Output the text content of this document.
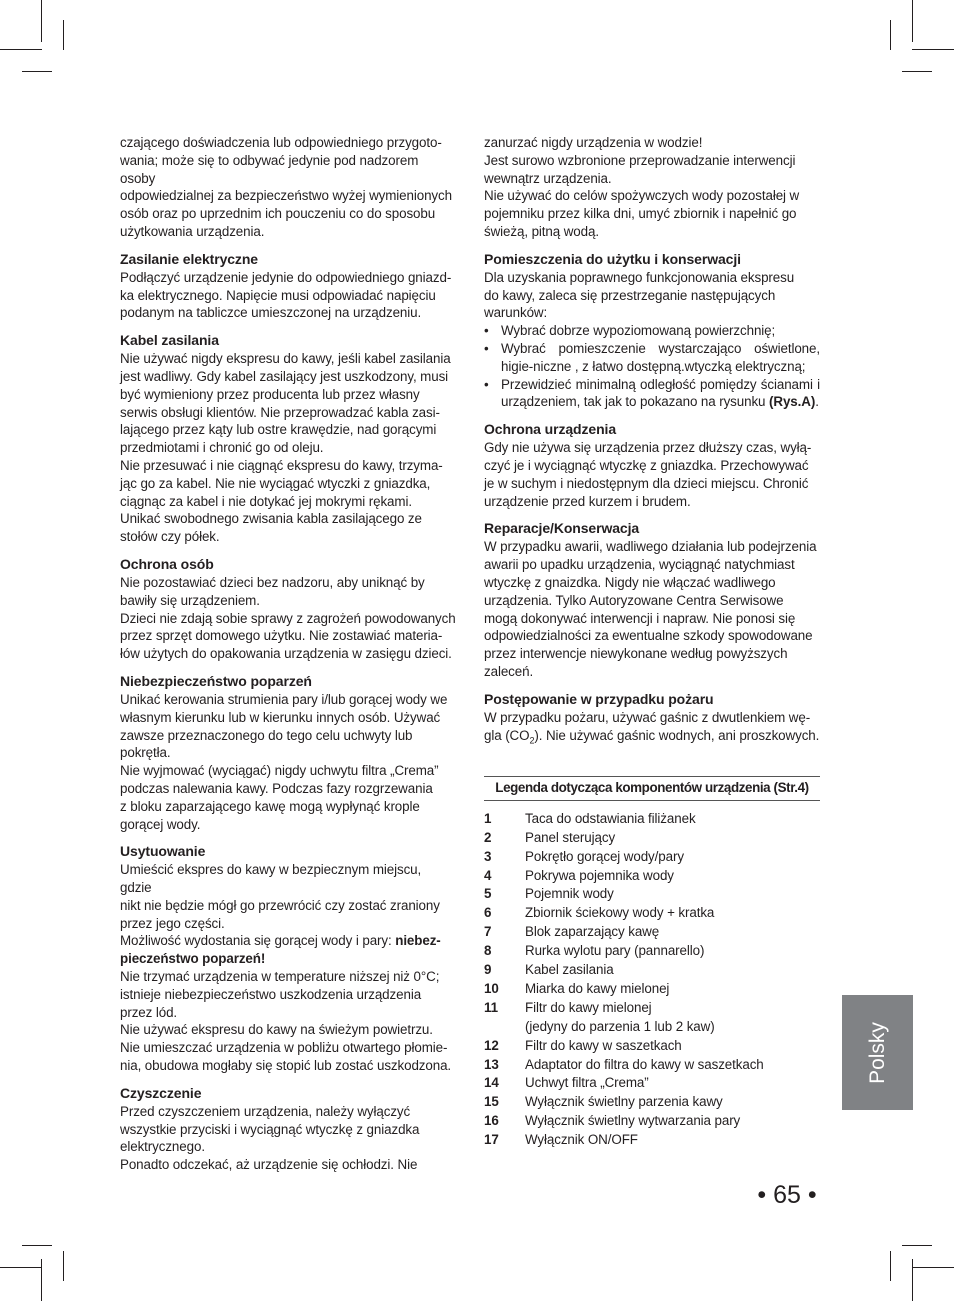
czającego doświadczenia lub odpowiedniego przygoto-
wania; może się to odbywać jedynie pod nadzorem osoby
odpowiedzialnej za bezpieczeństwo wyżej wymienionych
osób oraz po uprzednim ich pouczeniu co do sposobu
użytkowania urządzenia.
Zasilanie elektryczne
Podłączyć urządzenie jedynie do odpowiedniego gniazd-
ka elektrycznego. Napięcie musi odpowiadać napięciu
podanym na tabliczce umieszczonej na urządzeniu.
Kabel zasilania
Nie używać nigdy ekspresu do kawy, jeśli kabel zasilania
jest wadliwy. Gdy kabel zasilający jest uszkodzony, musi
być wymieniony przez producenta lub przez własny
serwis obsługi klientów. Nie przeprowadzać kabla zasi-
lającego przez kąty lub ostre krawędzie, nad gorącymi
przedmiotami i chronić go od oleju.
Nie przesuwać i nie ciągnąć ekspresu do kawy, trzyma-
jąc go za kabel. Nie nie wyciągać wtyczki z gniazdka,
ciągnąc za kabel i nie dotykać jej mokrymi rękami.
Unikać swobodnego zwisania kabla zasilającego ze
stołów czy półek.
Ochrona osób
Nie pozostawiać dzieci bez nadzoru, aby uniknąć by
bawiły się urządzeniem.
Dzieci nie zdają sobie sprawy z zagrożeń powodowanych
przez sprzęt domowego użytku. Nie zostawiać materia-
łów użytych do opakowania urządzenia w zasięgu dzieci.
Niebezpieczeństwo poparzeń
Unikać kerowania strumienia pary i/lub gorącej wody we
własnym kierunku lub w kierunku innych osób. Używać
zawsze przeznaczonego do tego celu uchwyty lub
pokrętła.
Nie wyjmować (wyciągać) nigdy uchwytu filtra „Crema”
podczas nalewania kawy. Podczas fazy rozgrzewania
z bloku zaparzającego kawę mogą wypłynąć krople
gorącej wody.
Usytuowanie
Umieścić ekspres do kawy w bezpiecznym miejscu, gdzie
nikt nie będzie mógł go przewrócić czy zostać zraniony
przez jego części.
Możliwość wydostania się gorącej wody i pary: niebez-
pieczeństwo poparzeń!
Nie trzymać urządzenia w temperature niższej niż 0°C;
istnieje niebezpieczeństwo uszkodzenia urządzenia
przez lód.
Nie używać ekspresu do kawy na świeżym powietrzu.
Nie umieszczać urządzenia w pobliżu otwartego płomie-
nia, obudowa mogłaby się stopić lub zostać uszkodzona.
Czyszczenie
Przed czyszczeniem urządzenia, należy wyłączyć
wszystkie przyciski i wyciągnąć wtyczkę z gniazdka
elektrycznego.
Ponadto odczekać, aż urządzenie się ochłodzi. Nie
zanurzać nigdy urządzenia w wodzie!
Jest surowo wzbronione przeprowadzanie interwencji
wewnątrz urządzenia.
Nie używać do celów spożywczych wody pozostałej w
pojemniku przez kilka dni, umyć zbiornik i napełnić go
świeżą, pitną wodą.
Pomieszczenia do użytku i konserwacji
Dla uzyskania poprawnego funkcjonowania ekspresu
do kawy, zaleca się przestrzeganie następujących
warunków:
• Wybrać dobrze wypoziomowaną powierzchnię;
• Wybrać pomieszczenie wystarczająco oświetlone, higie-niczne , z łatwo dostępną.wtyczką elektryczną;
• Przewidzieć minimalną odległość pomiędzy ścianami i urządzeniem, tak jak to pokazano na rysunku (Rys.A).
Ochrona urządzenia
Gdy nie używa się urządzenia przez dłuższy czas, wyłą-
czyć je i wyciągnąć wtyczkę z gniazdka. Przechowywać
je w suchym i niedostępnym dla dzieci miejscu. Chronić
urządzenie przed kurzem i brudem.
Reparacje/Konserwacja
W przypadku awarii, wadliwego działania lub podejrzenia
awarii po upadku urządzenia, wyciągnąć natychmiast
wtyczkę z gnaizdka. Nigdy nie włączać wadliwego
urządzenia. Tylko Autoryzowane Centra Serwisowe
mogą dokonywać interwencji i napraw. Nie ponosi się
odpowiedzialności za ewentualne szkody spowodowane
przez interwencje niewykonane według powyższych
zaleceń.
Postępowanie w przypadku pożaru
W przypadku pożaru, używać gaśnic z dwutlenkiem wę-
gla $(CO_2)$. Nie używać gaśnic wodnych, ani proszkowych.
Legenda dotycząca komponentów urządzenia (Str.4)
1	Taca do odstawiania filiżanek
2	Panel sterujący
3	Pokrętło gorącej wody/pary
4	Pokrywa pojemnika wody
5	Pojemnik wody
6	Zbiornik ściekowy wody + kratka
7	Blok zaparzający kawę
8	Rurka wylotu pary (pannarello)
9	Kabel zasilania
10	Miarka do kawy mielonej
11	Filtr do kawy mielonej
(jedyny do parzenia 1 lub 2 kaw)
12	Filtr do kawy w saszetkach
13	Adaptator do filtra do kawy w saszetkach
14	Uchwyt filtra „Crema”
15	Wyłącznik świetlny parzenia kawy
16	Wyłącznik świetlny wytwarzania pary
17	Wyłącznik ON/OFF
Polsky
• 65 •
